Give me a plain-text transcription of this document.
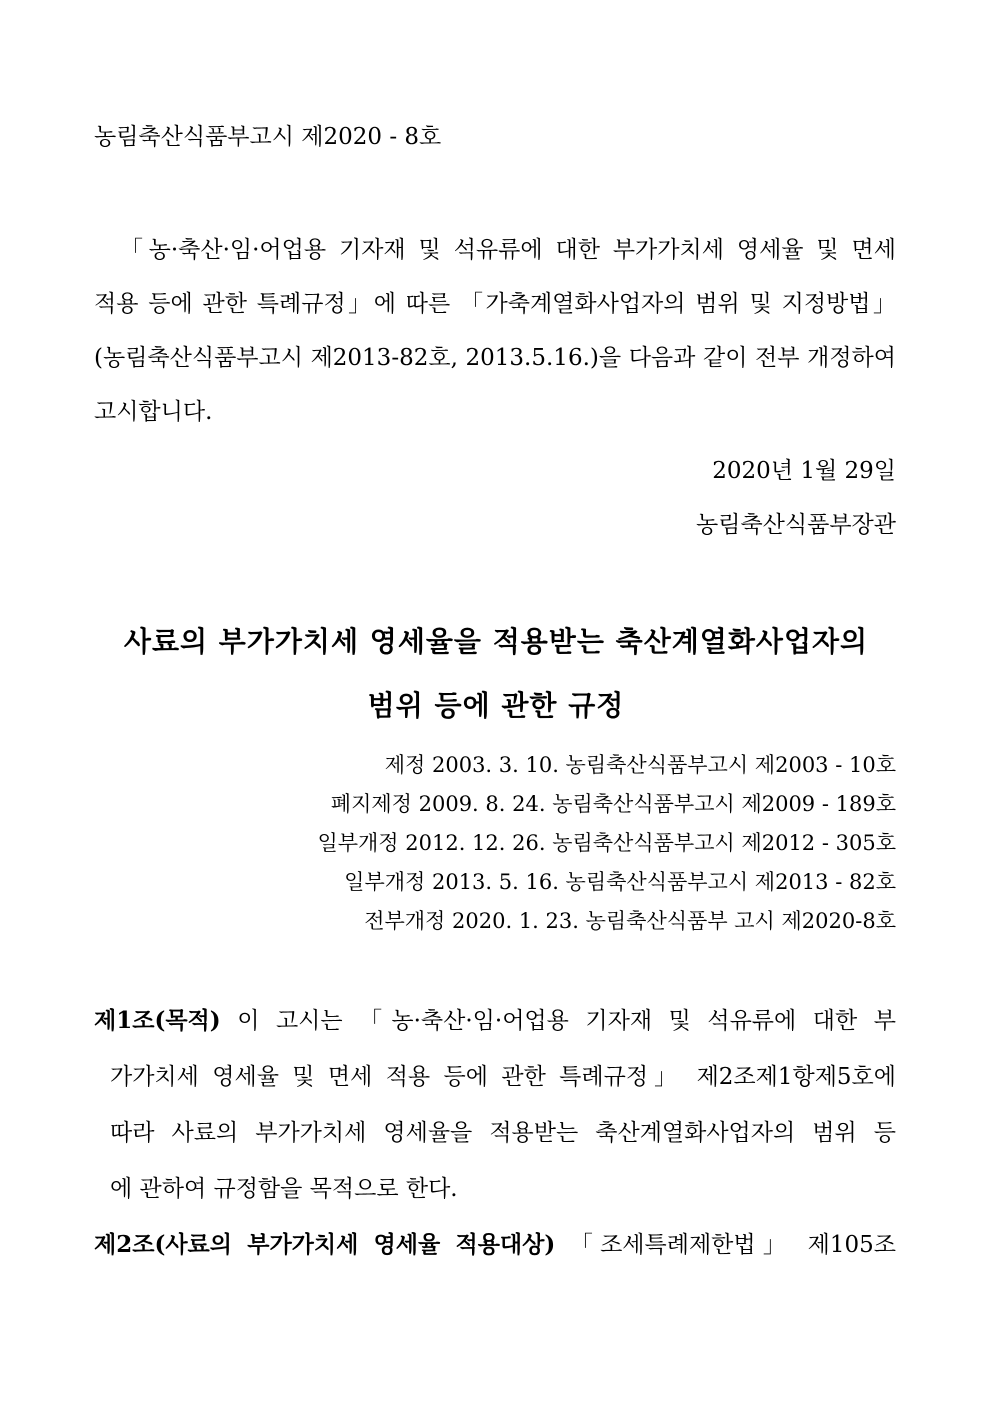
농림축산식품부고시 제2020 - 8호
「농·축산·임·어업용 기자재 및 석유류에 대한 부가가치세 영세율 및 면세
적용 등에 관한 특례규정」에 따른 「가축계열화사업자의 범위 및 지정방법」
(농림축산식품부고시 제2013-82호, 2013.5.16.)을 다음과 같이 전부 개정하여
고시합니다.
2020년 1월 29일
농림축산식품부장관
사료의 부가가치세 영세율을 적용받는 축산계열화사업자의
범위 등에 관한 규정
제정 2003. 3. 10. 농림축산식품부고시 제2003 - 10호
폐지제정 2009. 8. 24. 농림축산식품부고시 제2009 - 189호
일부개정 2012. 12. 26. 농림축산식품부고시 제2012 - 305호
일부개정 2013. 5. 16. 농림축산식품부고시 제2013 - 82호
전부개정 2020. 1. 23. 농림축산식품부 고시 제2020-8호
제1조(목적) 이 고시는 「농·축산·임·어업용 기자재 및 석유류에 대한 부
가가치세 영세율 및 면세 적용 등에 관한 특례규정」 제2조제1항제5호에
따라 사료의 부가가치세 영세율을 적용받는 축산계열화사업자의 범위 등
에 관하여 규정함을 목적으로 한다.
제2조(사료의 부가가치세 영세율 적용대상) 「조세특례제한법」 제105조
